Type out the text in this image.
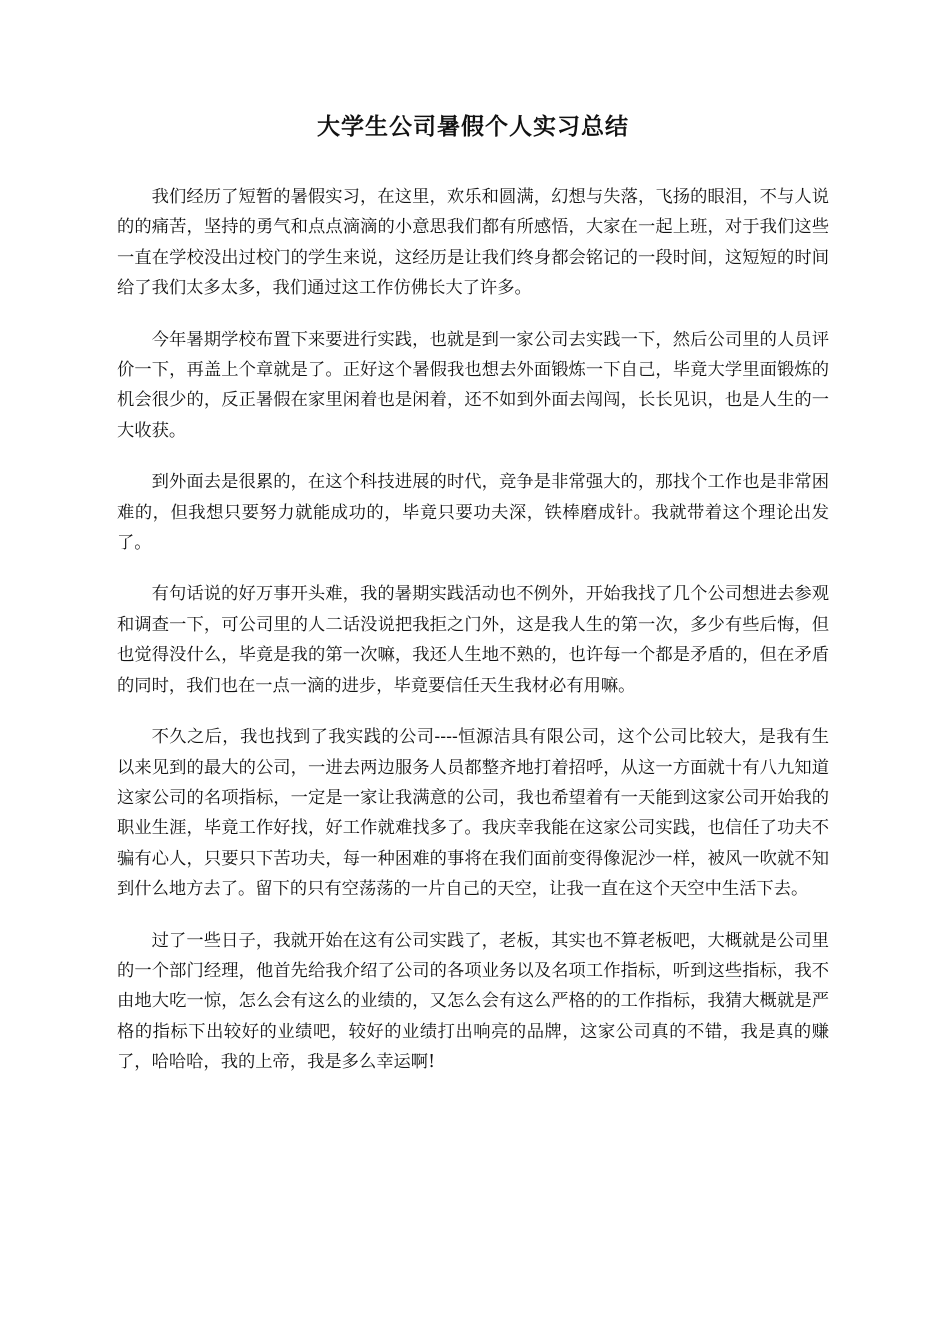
大学生公司暑假个人实习总结

我们经历了短暂的暑假实习，在这里，欢乐和圆满，幻想与失落，飞扬的眼泪，不与人说的的痛苦，坚持的勇气和点点滴滴的小意思我们都有所感悟，大家在一起上班，对于我们这些一直在学校没出过校门的学生来说，这经历是让我们终身都会铭记的一段时间，这短短的时间给了我们太多太多，我们通过这工作仿佛长大了许多。

今年暑期学校布置下来要进行实践，也就是到一家公司去实践一下，然后公司里的人员评价一下，再盖上个章就是了。正好这个暑假我也想去外面锻炼一下自己，毕竟大学里面锻炼的机会很少的，反正暑假在家里闲着也是闲着，还不如到外面去闯闯，长长见识，也是人生的一大收获。

到外面去是很累的，在这个科技进展的时代，竞争是非常强大的，那找个工作也是非常困难的，但我想只要努力就能成功的，毕竟只要功夫深，铁棒磨成针。我就带着这个理论出发了。

有句话说的好万事开头难，我的暑期实践活动也不例外，开始我找了几个公司想进去参观和调查一下，可公司里的人二话没说把我拒之门外，这是我人生的第一次，多少有些后悔，但也觉得没什么，毕竟是我的第一次嘛，我还人生地不熟的，也许每一个都是矛盾的，但在矛盾的同时，我们也在一点一滴的进步，毕竟要信任天生我材必有用嘛。

不久之后，我也找到了我实践的公司----恒源洁具有限公司，这个公司比较大，是我有生以来见到的最大的公司，一进去两边服务人员都整齐地打着招呼，从这一方面就十有八九知道这家公司的名项指标，一定是一家让我满意的公司，我也希望着有一天能到这家公司开始我的职业生涯，毕竟工作好找，好工作就难找多了。我庆幸我能在这家公司实践，也信任了功夫不骗有心人，只要只下苦功夫，每一种困难的事将在我们面前变得像泥沙一样，被风一吹就不知到什么地方去了。留下的只有空荡荡的一片自己的天空，让我一直在这个天空中生活下去。

过了一些日子，我就开始在这有公司实践了，老板，其实也不算老板吧，大概就是公司里的一个部门经理，他首先给我介绍了公司的各项业务以及名项工作指标，听到这些指标，我不由地大吃一惊，怎么会有这么的业绩的，又怎么会有这么严格的的工作指标，我猜大概就是严格的指标下出较好的业绩吧，较好的业绩打出响亮的品牌，这家公司真的不错，我是真的赚了，哈哈哈，我的上帝，我是多么幸运啊!
